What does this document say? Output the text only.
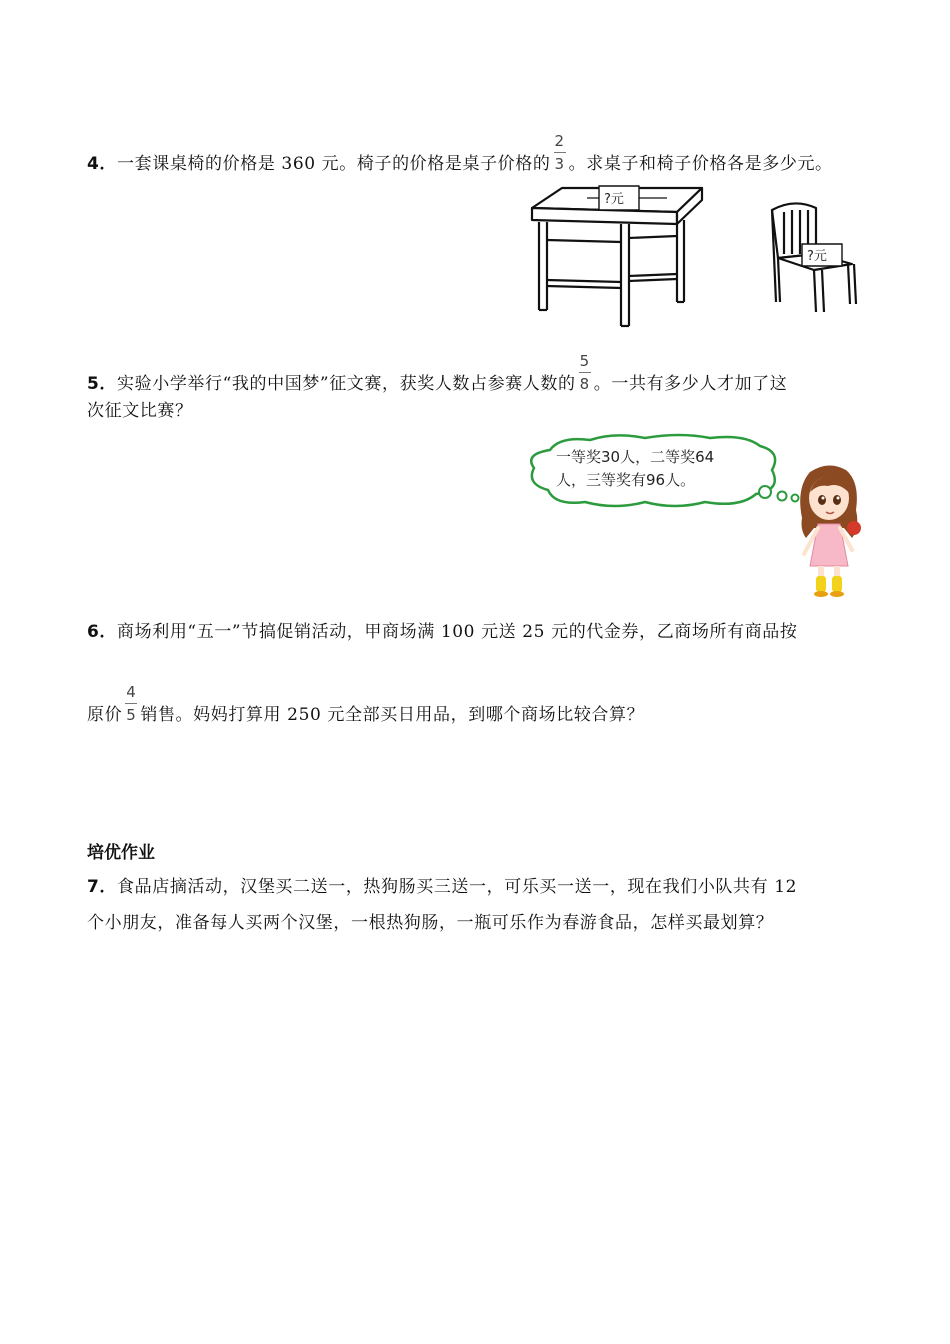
4．一套课桌椅的价格是 360 元。椅子的价格是桌子价格的 $\frac{2}{3}$ 。求桌子和椅子价格各是多少元。
?元
?元
5．实验小学举行“我的中国梦”征文赛，获奖人数占参赛人数的 $\frac{5}{8}$ 。一共有多少人才加了这
次征文比赛？
一等奖30人，二等奖64
人，三等奖有96人。
6．商场利用“五一”节搞促销活动，甲商场满 100 元送 25 元的代金券，乙商场所有商品按
原价 $\frac{4}{5}$ 销售。妈妈打算用 250 元全部买日用品，到哪个商场比较合算？
培优作业
7．食品店摘活动，汉堡买二送一，热狗肠买三送一，可乐买一送一，现在我们小队共有 12
个小朋友，准备每人买两个汉堡，一根热狗肠，一瓶可乐作为春游食品，怎样买最划算？
